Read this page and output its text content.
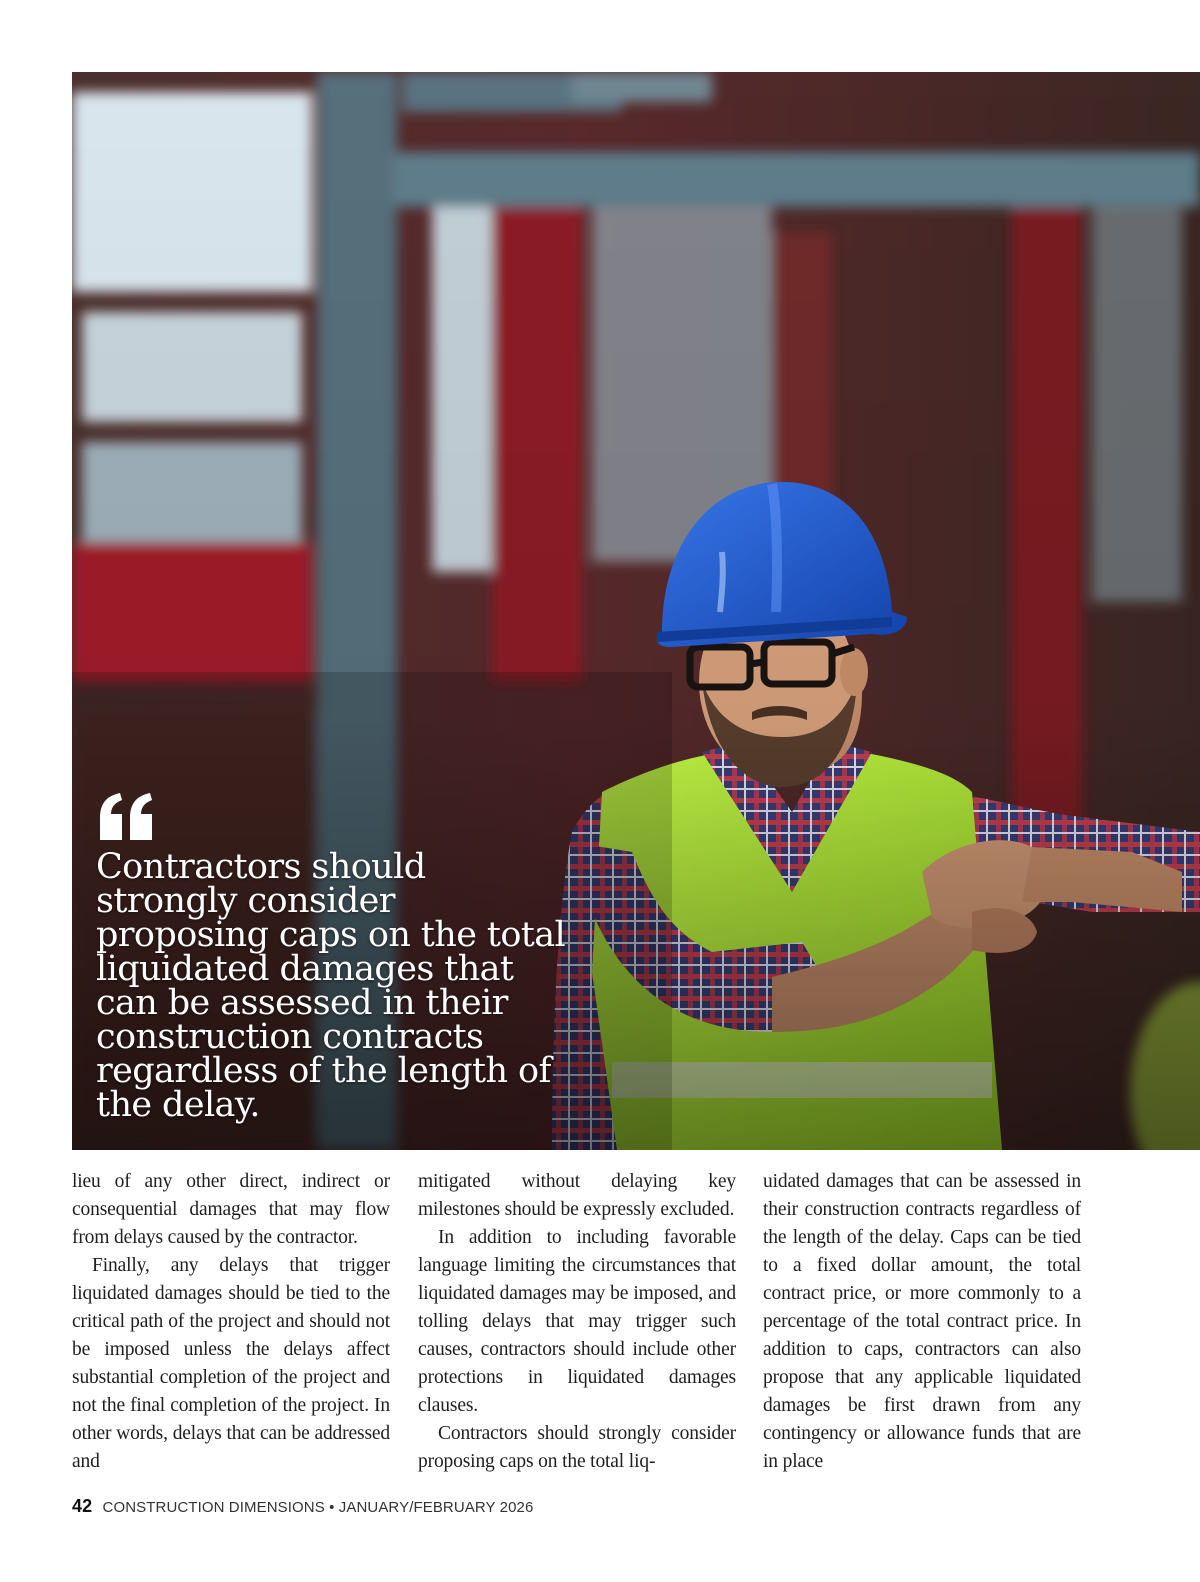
Contractors should strongly consider proposing caps on the total liquidated damages that can be assessed in their construction contracts regardless of the length of the delay.

lieu of any other direct, indirect or consequential damages that may flow from delays caused by the contractor.

Finally, any delays that trigger liquidated damages should be tied to the critical path of the project and should not be imposed unless the delays affect substantial completion of the project and not the final completion of the project. In other words, delays that can be addressed and

mitigated without delaying key milestones should be expressly excluded.

In addition to including favorable language limiting the circumstances that liquidated damages may be imposed, and tolling delays that may trigger such causes, contractors should include other protections in liquidated damages clauses.

Contractors should strongly consider proposing caps on the total liq-

uidated damages that can be assessed in their construction contracts regardless of the length of the delay. Caps can be tied to a fixed dollar amount, the total contract price, or more commonly to a percentage of the total contract price. In addition to caps, contractors can also propose that any applicable liquidated damages be first drawn from any contingency or allowance funds that are in place

42 CONSTRUCTION DIMENSIONS • JANUARY/FEBRUARY 2026
